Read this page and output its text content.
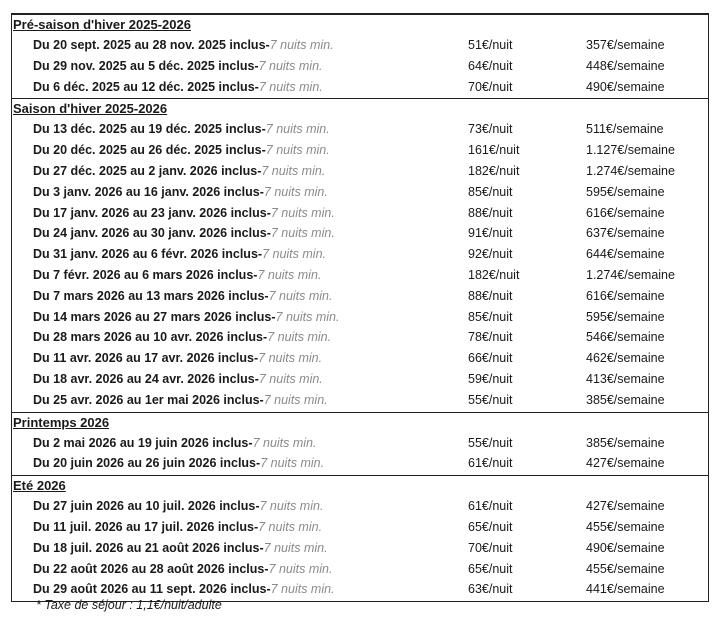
Pré-saison d'hiver 2025-2026
Du 20 sept. 2025 au 28 nov. 2025 inclus-7 nuits min.	51€/nuit	357€/semaine
Du 29 nov. 2025 au 5 déc. 2025 inclus-7 nuits min.	64€/nuit	448€/semaine
Du 6 déc. 2025 au 12 déc. 2025 inclus-7 nuits min.	70€/nuit	490€/semaine
Saison d'hiver 2025-2026
Du 13 déc. 2025 au 19 déc. 2025 inclus-7 nuits min.	73€/nuit	511€/semaine
Du 20 déc. 2025 au 26 déc. 2025 inclus-7 nuits min.	161€/nuit	1.127€/semaine
Du 27 déc. 2025 au 2 janv. 2026 inclus-7 nuits min.	182€/nuit	1.274€/semaine
Du 3 janv. 2026 au 16 janv. 2026 inclus-7 nuits min.	85€/nuit	595€/semaine
Du 17 janv. 2026 au 23 janv. 2026 inclus-7 nuits min.	88€/nuit	616€/semaine
Du 24 janv. 2026 au 30 janv. 2026 inclus-7 nuits min.	91€/nuit	637€/semaine
Du 31 janv. 2026 au 6 févr. 2026 inclus-7 nuits min.	92€/nuit	644€/semaine
Du 7 févr. 2026 au 6 mars 2026 inclus-7 nuits min.	182€/nuit	1.274€/semaine
Du 7 mars 2026 au 13 mars 2026 inclus-7 nuits min.	88€/nuit	616€/semaine
Du 14 mars 2026 au 27 mars 2026 inclus-7 nuits min.	85€/nuit	595€/semaine
Du 28 mars 2026 au 10 avr. 2026 inclus-7 nuits min.	78€/nuit	546€/semaine
Du 11 avr. 2026 au 17 avr. 2026 inclus-7 nuits min.	66€/nuit	462€/semaine
Du 18 avr. 2026 au 24 avr. 2026 inclus-7 nuits min.	59€/nuit	413€/semaine
Du 25 avr. 2026 au 1er mai 2026 inclus-7 nuits min.	55€/nuit	385€/semaine
Printemps 2026
Du 2 mai 2026 au 19 juin 2026 inclus-7 nuits min.	55€/nuit	385€/semaine
Du 20 juin 2026 au 26 juin 2026 inclus-7 nuits min.	61€/nuit	427€/semaine
Eté 2026
Du 27 juin 2026 au 10 juil. 2026 inclus-7 nuits min.	61€/nuit	427€/semaine
Du 11 juil. 2026 au 17 juil. 2026 inclus-7 nuits min.	65€/nuit	455€/semaine
Du 18 juil. 2026 au 21 août 2026 inclus-7 nuits min.	70€/nuit	490€/semaine
Du 22 août 2026 au 28 août 2026 inclus-7 nuits min.	65€/nuit	455€/semaine
Du 29 août 2026 au 11 sept. 2026 inclus-7 nuits min.	63€/nuit	441€/semaine
* Taxe de séjour : 1,1€/nuit/adulte
